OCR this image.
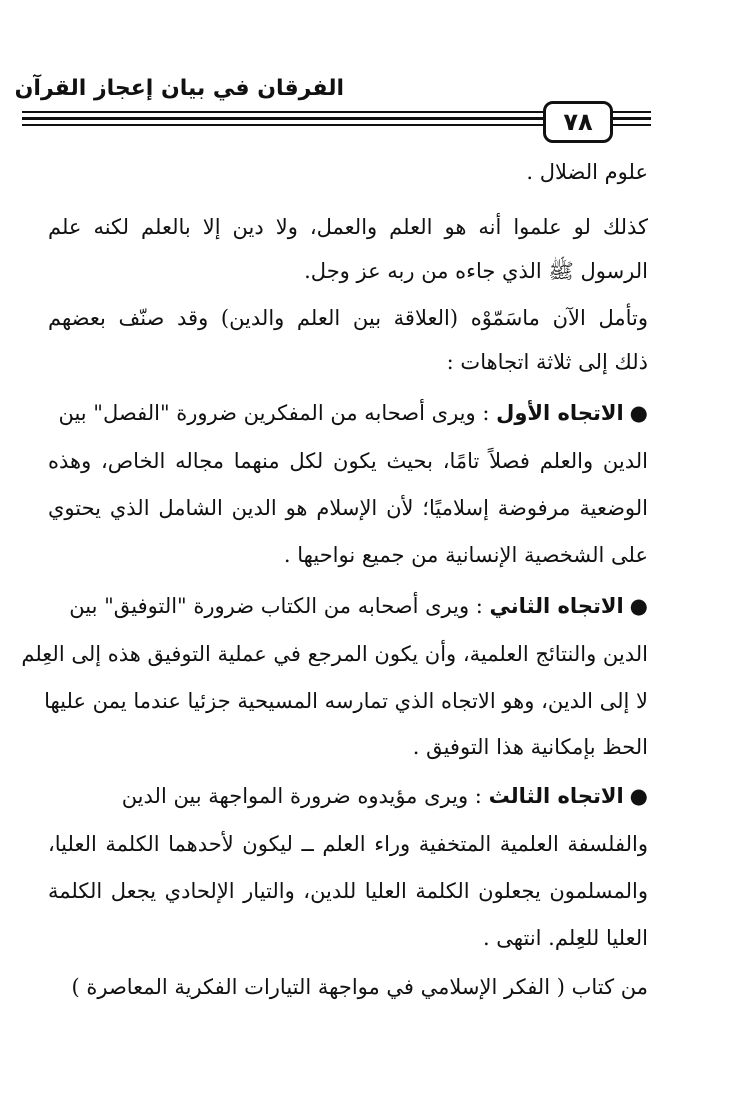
الفرقان في بيان إعجاز القرآن
٧٨
علوم الضلال .
كذلك لو علموا أنه هو العلم والعمل، ولا دين إلا بالعلم لكنه علم
الرسول ﷺ الذي جاءه من ربه عز وجل.
وتأمل الآن ماسَمّوْه (العلاقة بين العلم والدين) وقد صنّف بعضهم
ذلك إلى ثلاثة اتجاهات :
●الاتجاه الأول : ويرى أصحابه من المفكرين ضرورة "الفصل" بين
الدين والعلم فصلاً تامًا، بحيث يكون لكل منهما مجاله الخاص، وهذه
الوضعية مرفوضة إسلاميًا؛ لأن الإسلام هو الدين الشامل الذي يحتوي
على الشخصية الإنسانية من جميع نواحيها .
●الاتجاه الثاني : ويرى أصحابه من الكتاب ضرورة "التوفيق" بين
الدين والنتائج العلمية، وأن يكون المرجع في عملية التوفيق هذه إلى العِلم
لا إلى الدين، وهو الاتجاه الذي تمارسه المسيحية جزئيا عندما يمن عليها
الحظ بإمكانية هذا التوفيق .
●الاتجاه الثالث : ويرى مؤيدوه ضرورة المواجهة بين الدين
والفلسفة العلمية المتخفية وراء العلم ــ ليكون لأحدهما الكلمة العليا،
والمسلمون يجعلون الكلمة العليا للدين، والتيار الإلحادي يجعل الكلمة
العليا للعِلم. انتهى .
من كتاب ( الفكر الإسلامي في مواجهة التيارات الفكرية المعاصرة )
